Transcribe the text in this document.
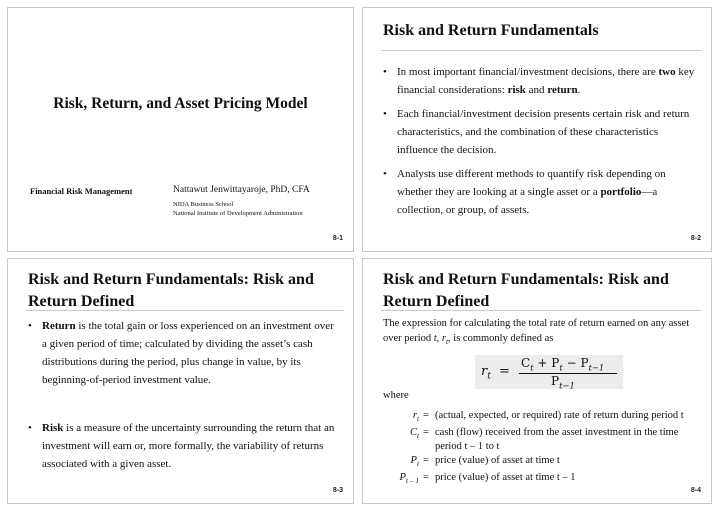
Risk, Return, and Asset Pricing Model
Financial Risk Management	Nattawut Jenwittayaroje, PhD, CFA
NIDA Business School
National Institute of Development Administration
8-1
Risk and Return Fundamentals
• In most important financial/investment decisions, there are two key financial considerations: risk and return.
• Each financial/investment decision presents certain risk and return characteristics, and the combination of these characteristics influence the decision.
• Analysts use different methods to quantify risk depending on whether they are looking at a single asset or a portfolio—a collection, or group, of assets.
8-2
Risk and Return Fundamentals: Risk and Return Defined
• Return is the total gain or loss experienced on an investment over a given period of time; calculated by dividing the asset’s cash distributions during the period, plus change in value, by its beginning-of-period investment value.
• Risk is a measure of the uncertainty surrounding the return that an investment will earn or, more formally, the variability of returns associated with a given asset.
8-3
Risk and Return Fundamentals: Risk and Return Defined
The expression for calculating the total rate of return earned on any asset over period t, $r_t$, is commonly defined as
$r_t$ =
$C_t + P_t - P_{t-1}$
$P_{t-1}$
where
$r_t$ = (actual, expected, or required) rate of return during period t
$C_t$ = cash (flow) received from the asset investment in the time period t – 1 to t
$P_t$ = price (value) of asset at time t
$P_{t - 1}$ = price (value) of asset at time t – 1
8-4
